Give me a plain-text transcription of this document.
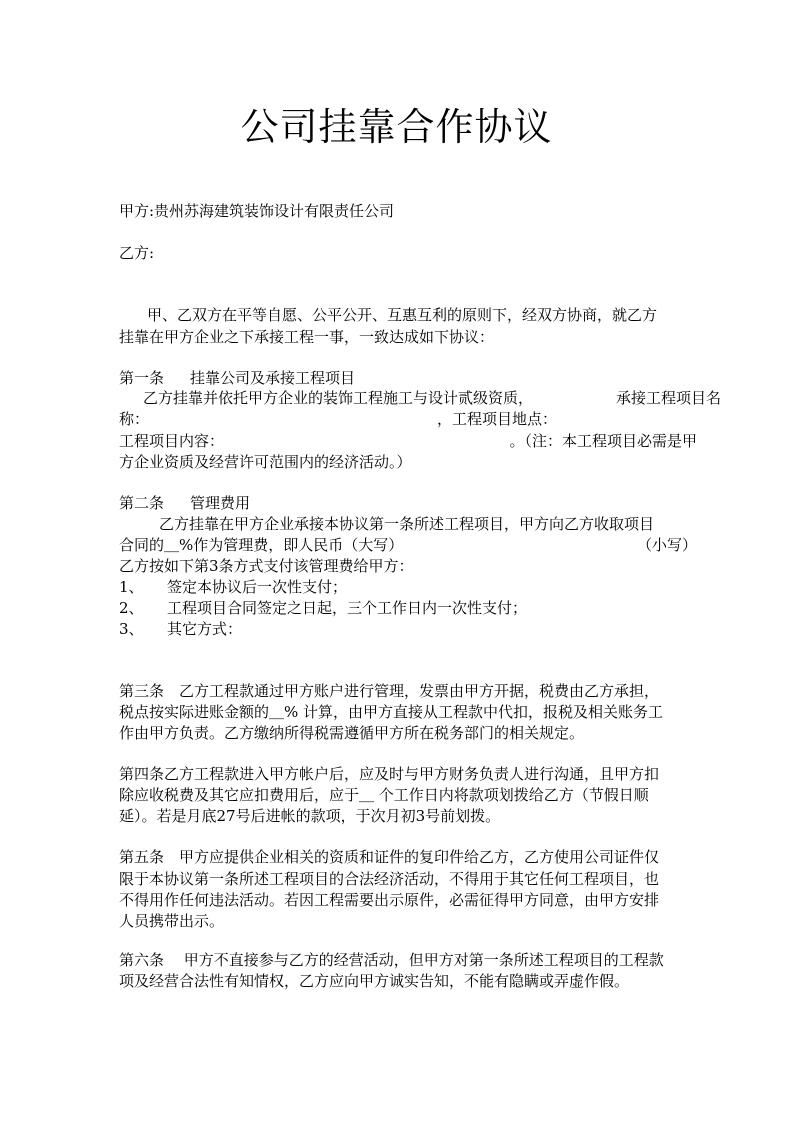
公司挂靠合作协议
甲方:贵州苏海建筑装饰设计有限责任公司
乙方:
甲、乙双方在平等自愿、公平公开、互惠互利的原则下，经双方协商，就乙方
挂靠在甲方企业之下承接工程一事，一致达成如下协议：
第一条 挂靠公司及承接工程项目
乙方挂靠并依托甲方企业的装饰工程施工与设计贰级资质，	承接工程项目名
称：	，工程项目地点：
工程项目内容：	。（注：本工程项目必需是甲
方企业资质及经营许可范围内的经济活动。）
第二条 管理费用
乙方挂靠在甲方企业承接本协议第一条所述工程项目，甲方向乙方收取项目
合同的＿%作为管理费，即人民币（大写）	（小写）
乙方按如下第3条方式支付该管理费给甲方：
1、 签定本协议后一次性支付；
2、 工程项目合同签定之日起，三个工作日内一次性支付；
3、 其它方式：
第三条　乙方工程款通过甲方账户进行管理，发票由甲方开据，税费由乙方承担，
税点按实际进账金额的＿% 计算，由甲方直接从工程款中代扣，报税及相关账务工
作由甲方负责。乙方缴纳所得税需遵循甲方所在税务部门的相关规定。
第四条乙方工程款进入甲方帐户后，应及时与甲方财务负责人进行沟通，且甲方扣
除应收税费及其它应扣费用后，应于＿ 个工作日内将款项划拨给乙方（节假日顺
延）。若是月底27号后进帐的款项，于次月初3号前划拨。
第五条　甲方应提供企业相关的资质和证件的复印件给乙方，乙方使用公司证件仅
限于本协议第一条所述工程项目的合法经济活动，不得用于其它任何工程项目，也
不得用作任何违法活动。若因工程需要出示原件，必需征得甲方同意，由甲方安排
人员携带出示。
第六条　 甲方不直接参与乙方的经营活动，但甲方对第一条所述工程项目的工程款
项及经营合法性有知情权，乙方应向甲方诚实告知，不能有隐瞒或弄虚作假。
